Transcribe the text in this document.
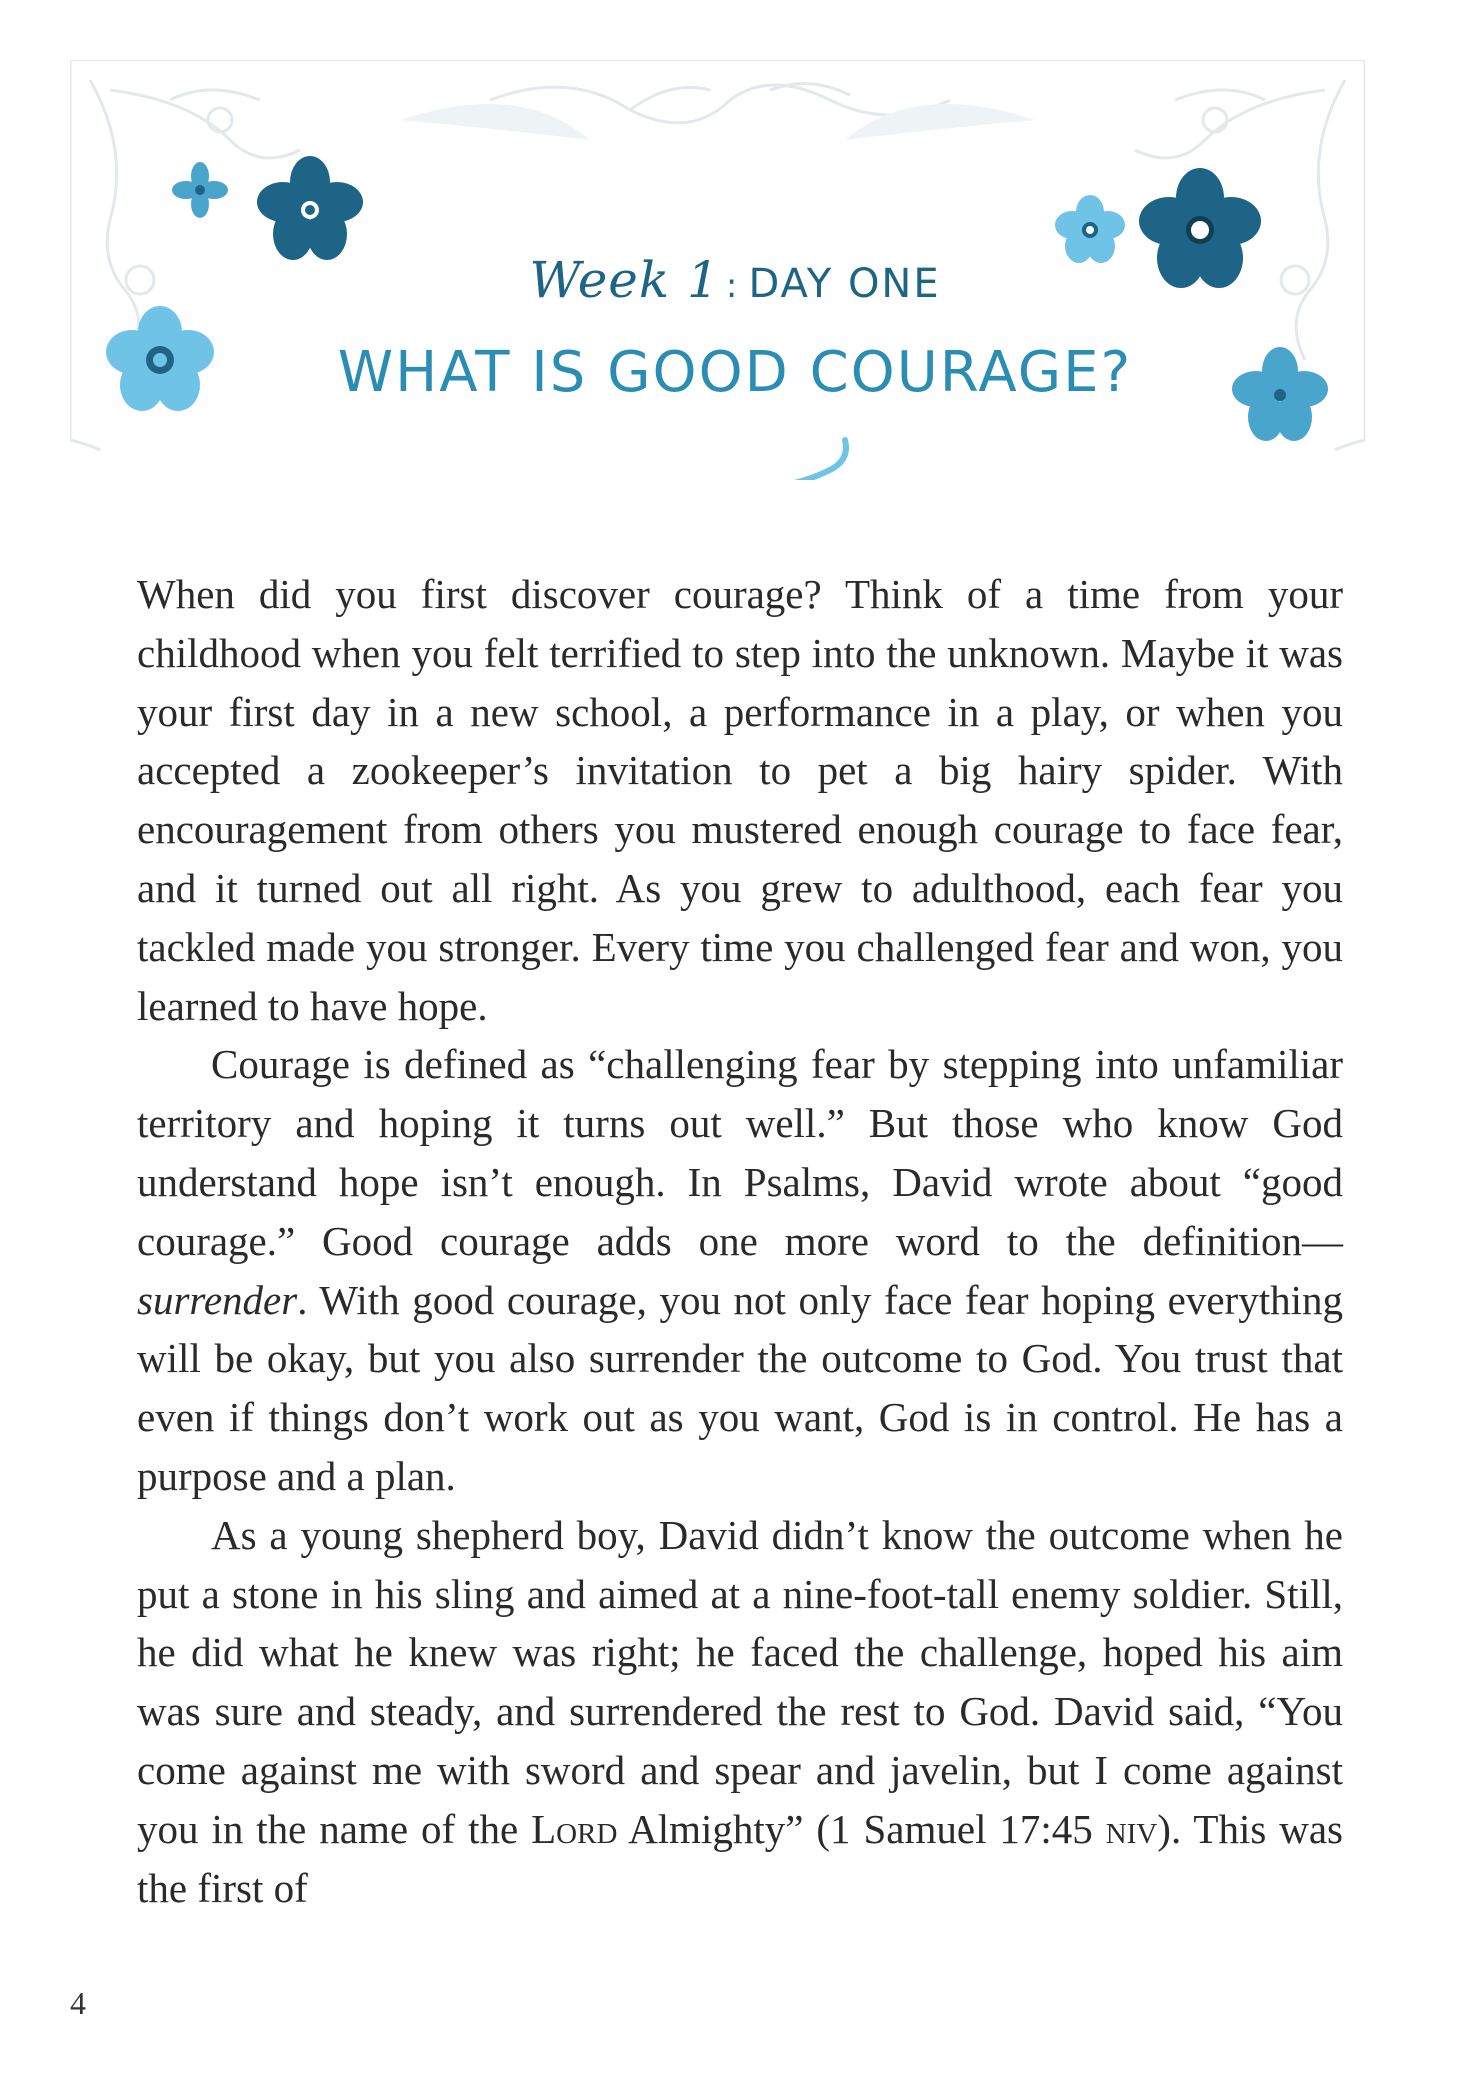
Week 1 : DAY ONE
WHAT IS GOOD COURAGE?

When did you first discover courage? Think of a time from your childhood when you felt terrified to step into the unknown. Maybe it was your first day in a new school, a performance in a play, or when you accepted a zookeeper’s invitation to pet a big hairy spider. With encouragement from others you mustered enough courage to face fear, and it turned out all right. As you grew to adulthood, each fear you tackled made you stronger. Every time you challenged fear and won, you learned to have hope.

Courage is defined as “challenging fear by stepping into unfamiliar territory and hoping it turns out well.” But those who know God understand hope isn’t enough. In Psalms, David wrote about “good courage.” Good courage adds one more word to the definition—surrender. With good courage, you not only face fear hoping everything will be okay, but you also surrender the outcome to God. You trust that even if things don’t work out as you want, God is in control. He has a purpose and a plan.

As a young shepherd boy, David didn’t know the outcome when he put a stone in his sling and aimed at a nine-foot-tall enemy soldier. Still, he did what he knew was right; he faced the challenge, hoped his aim was sure and steady, and surrendered the rest to God. David said, “You come against me with sword and spear and javelin, but I come against you in the name of the Lord Almighty” (1 Samuel 17:45 niv). This was the first of

4
